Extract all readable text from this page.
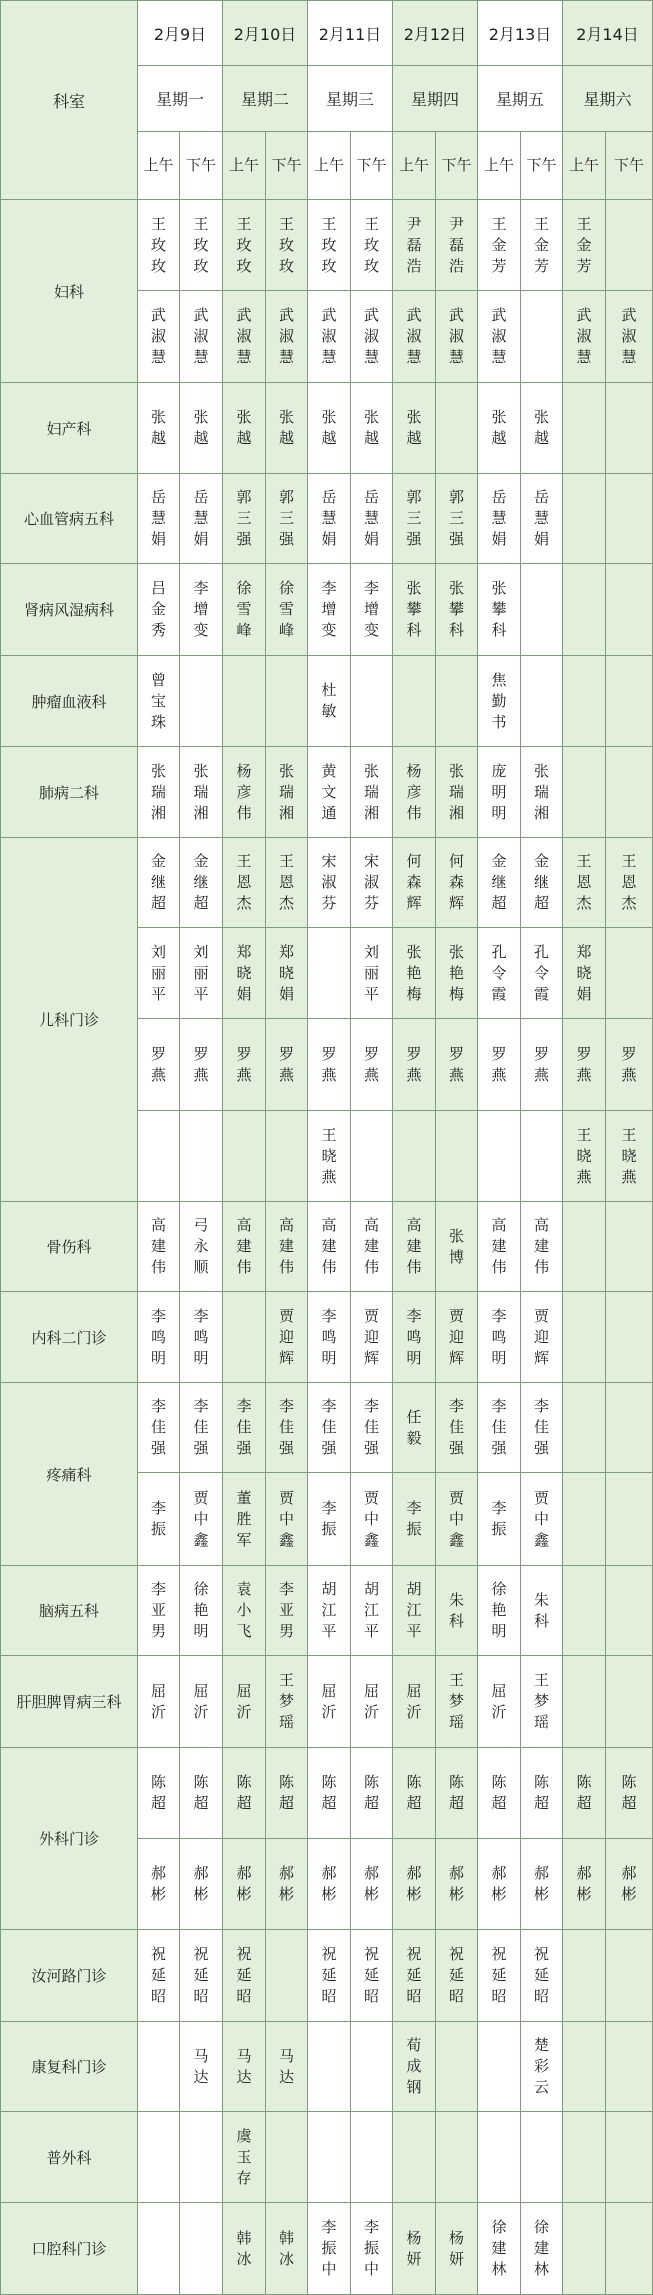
科室
2月9日
星期一
上午 下午
2月10日
星期二
上午 下午
2月11日
星期三
上午 下午
2月12日
星期四
上午 下午
2月13日
星期五
上午 下午
2月14日
星期六
上午 下午
妇科
王玫玫
王玫玫
王玫玫
王玫玫
王玫玫
王玫玫
尹磊浩
尹磊浩
王金芳
王金芳
王金芳
武淑慧
武淑慧
武淑慧
武淑慧
武淑慧
武淑慧
武淑慧
武淑慧
武淑慧
武淑慧
武淑慧
妇产科
张越
张越
张越
张越
张越
张越
张越
张越
张越
心血管病五科
岳慧娟
岳慧娟
郭三强
郭三强
岳慧娟
岳慧娟
郭三强
郭三强
岳慧娟
岳慧娟
肾病风湿病科
吕金秀
李增变
徐雪峰
徐雪峰
李增变
李增变
张攀科
张攀科
张攀科
肿瘤血液科
曾宝珠
杜敏
焦勤书
肺病二科
张瑞湘
张瑞湘
杨彦伟
张瑞湘
黄文通
张瑞湘
杨彦伟
张瑞湘
庞明明
张瑞湘
儿科门诊
金继超
金继超
王恩杰
王恩杰
宋淑芬
宋淑芬
何森辉
何森辉
金继超
金继超
王恩杰
王恩杰
刘丽平
刘丽平
郑晓娟
郑晓娟
刘丽平
张艳梅
张艳梅
孔令霞
孔令霞
郑晓娟
罗燕
罗燕
罗燕
罗燕
罗燕
罗燕
罗燕
罗燕
罗燕
罗燕
罗燕
罗燕
王晓燕
王晓燕
王晓燕
骨伤科
高建伟
弓永顺
高建伟
高建伟
高建伟
高建伟
高建伟
张博
高建伟
高建伟
内科二门诊
李鸣明
李鸣明
贾迎辉
李鸣明
贾迎辉
李鸣明
贾迎辉
李鸣明
贾迎辉
疼痛科
李佳强
李佳强
李佳强
李佳强
李佳强
李佳强
任毅
李佳强
李佳强
李佳强
李振
贾中鑫
董胜军
贾中鑫
李振
贾中鑫
李振
贾中鑫
李振
贾中鑫
脑病五科
李亚男
徐艳明
袁小飞
李亚男
胡江平
胡江平
胡江平
朱科
徐艳明
朱科
肝胆脾胃病三科
屈沂
屈沂
屈沂
王梦瑶
屈沂
屈沂
屈沂
王梦瑶
屈沂
王梦瑶
外科门诊
陈超
陈超
陈超
陈超
陈超
陈超
陈超
陈超
陈超
陈超
陈超
陈超
郝彬
郝彬
郝彬
郝彬
郝彬
郝彬
郝彬
郝彬
郝彬
郝彬
郝彬
郝彬
汝河路门诊
祝延昭
祝延昭
祝延昭
祝延昭
祝延昭
祝延昭
祝延昭
祝延昭
祝延昭
康复科门诊
马达
马达
马达
荀成钢
楚彩云
普外科
虞玉存
口腔科门诊
韩冰
韩冰
李振中
李振中
杨妍
杨妍
徐建林
徐建林
